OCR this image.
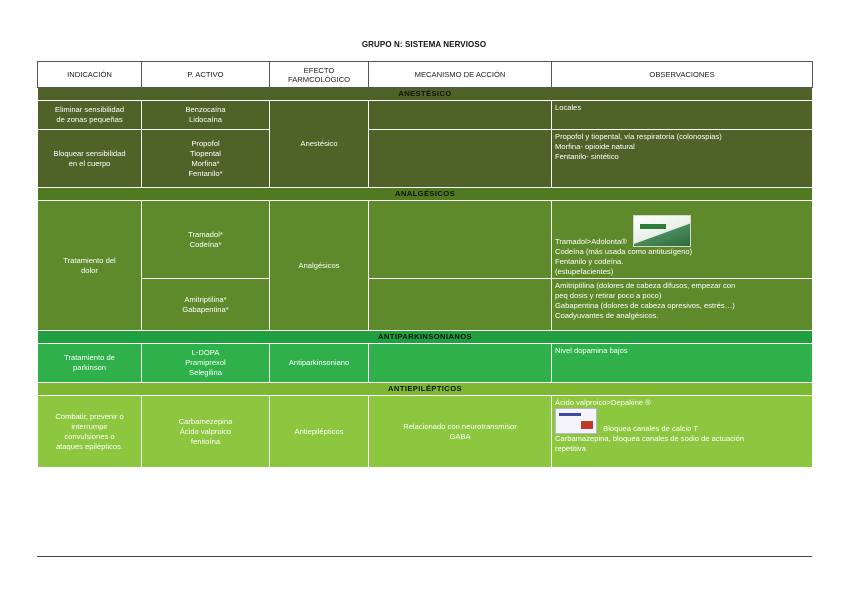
GRUPO N: SISTEMA NERVIOSO
INDICACIÓN	P. ACTIVO	EFECTO
FARMCOLÓGICO	MECANISMO DE ACCIÓN	OBSERVACIONES
ANESTÉSICO				

Eliminar sensibilidad
de zonas pequeñas	Benzocaína
Lidocaína	Anestésico		Locales

Bloquear sensibilidad
en el cuerpo	Propofol
Tiopental
Morfina*
Fentanilo*			Propofol y tiopental, vía respiratoria (colonospias)
Morfina- opioide natural
Fentanilo- sintético

ANALGÉSICOS				

Tratamiento del
dolor	Tramadol*
Codeína*	Analgésicos		Tramadol>Adolonta®
Codeína (más usada como antitusígeno)
Fentanilo y codeína.
(estupefacientes)

	Amitriptilina*
Gabapentina*			Amitriptilina (dolores de cabeza difusos, empezar con
peq dosis y retirar poco a poco)
Gabapentina (dolores de cabeza opresivos, estrés…)
Coadyuvantes de analgésicos.

ANTIPARKINSONIANOS				

Tratamiento de
parkinson	L-DOPA
Pramiprexol
Selegilina	Antiparkinsoniano		Nivel dopamina bajos

ANTIEPILÉPTICOS				

Combatir, prevenir o
interrumpir
convulsiones o
ataques epilépticos.	Carbamezepina
Ácido valproico
fenitoína	Antiepilépticos	Relacionado con neurotransmisor
GABA	Ácido valproico>Depakine ®
Bloquea canales de calcio T
Carbamazepina, bloquea canales de sodio de actuación
repetitiva
